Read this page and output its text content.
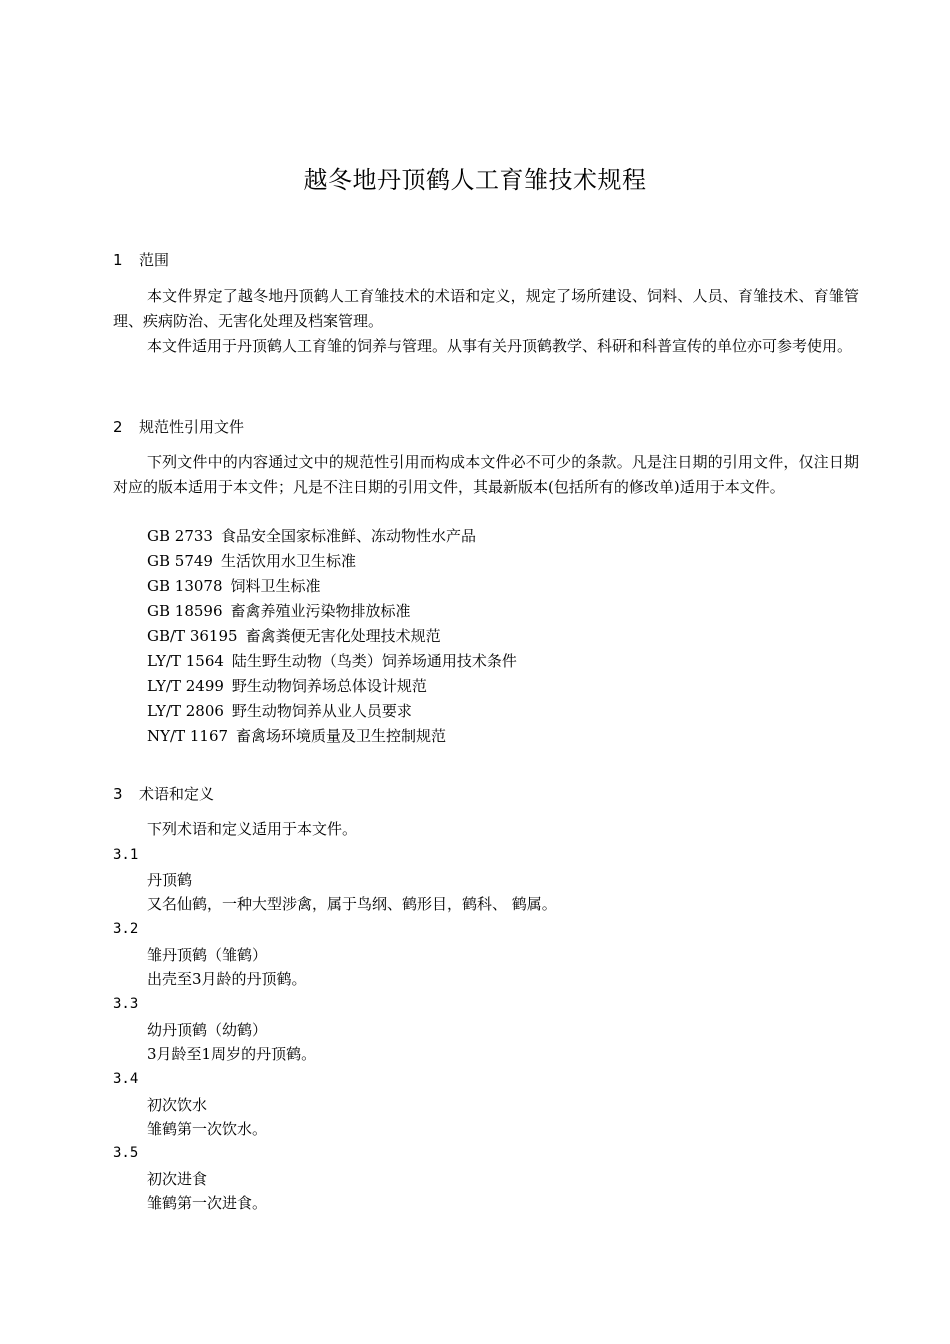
越冬地丹顶鹤人工育雏技术规程
1 范围
本文件界定了越冬地丹顶鹤人工育雏技术的术语和定义，规定了场所建设、饲料、人员、育雏技术、育雏管理、疾病防治、无害化处理及档案管理。
本文件适用于丹顶鹤人工育雏的饲养与管理。从事有关丹顶鹤教学、科研和科普宣传的单位亦可参考使用。
2 规范性引用文件
下列文件中的内容通过文中的规范性引用而构成本文件必不可少的条款。凡是注日期的引用文件，仅注日期对应的版本适用于本文件；凡是不注日期的引用文件，其最新版本(包括所有的修改单)适用于本文件。
GB 2733 食品安全国家标准鲜、冻动物性水产品
GB 5749 生活饮用水卫生标准
GB 13078 饲料卫生标准
GB 18596 畜禽养殖业污染物排放标准
GB/T 36195 畜禽粪便无害化处理技术规范
LY/T 1564 陆生野生动物（鸟类）饲养场通用技术条件
LY/T 2499 野生动物饲养场总体设计规范
LY/T 2806 野生动物饲养从业人员要求
NY/T 1167 畜禽场环境质量及卫生控制规范
3 术语和定义
下列术语和定义适用于本文件。
3.1
丹顶鹤
又名仙鹤，一种大型涉禽，属于鸟纲、鹤形目，鹤科、 鹤属。
3.2
雏丹顶鹤（雏鹤）
出壳至3月龄的丹顶鹤。
3.3
幼丹顶鹤（幼鹤）
3月龄至1周岁的丹顶鹤。
3.4
初次饮水
雏鹤第一次饮水。
3.5
初次进食
雏鹤第一次进食。
